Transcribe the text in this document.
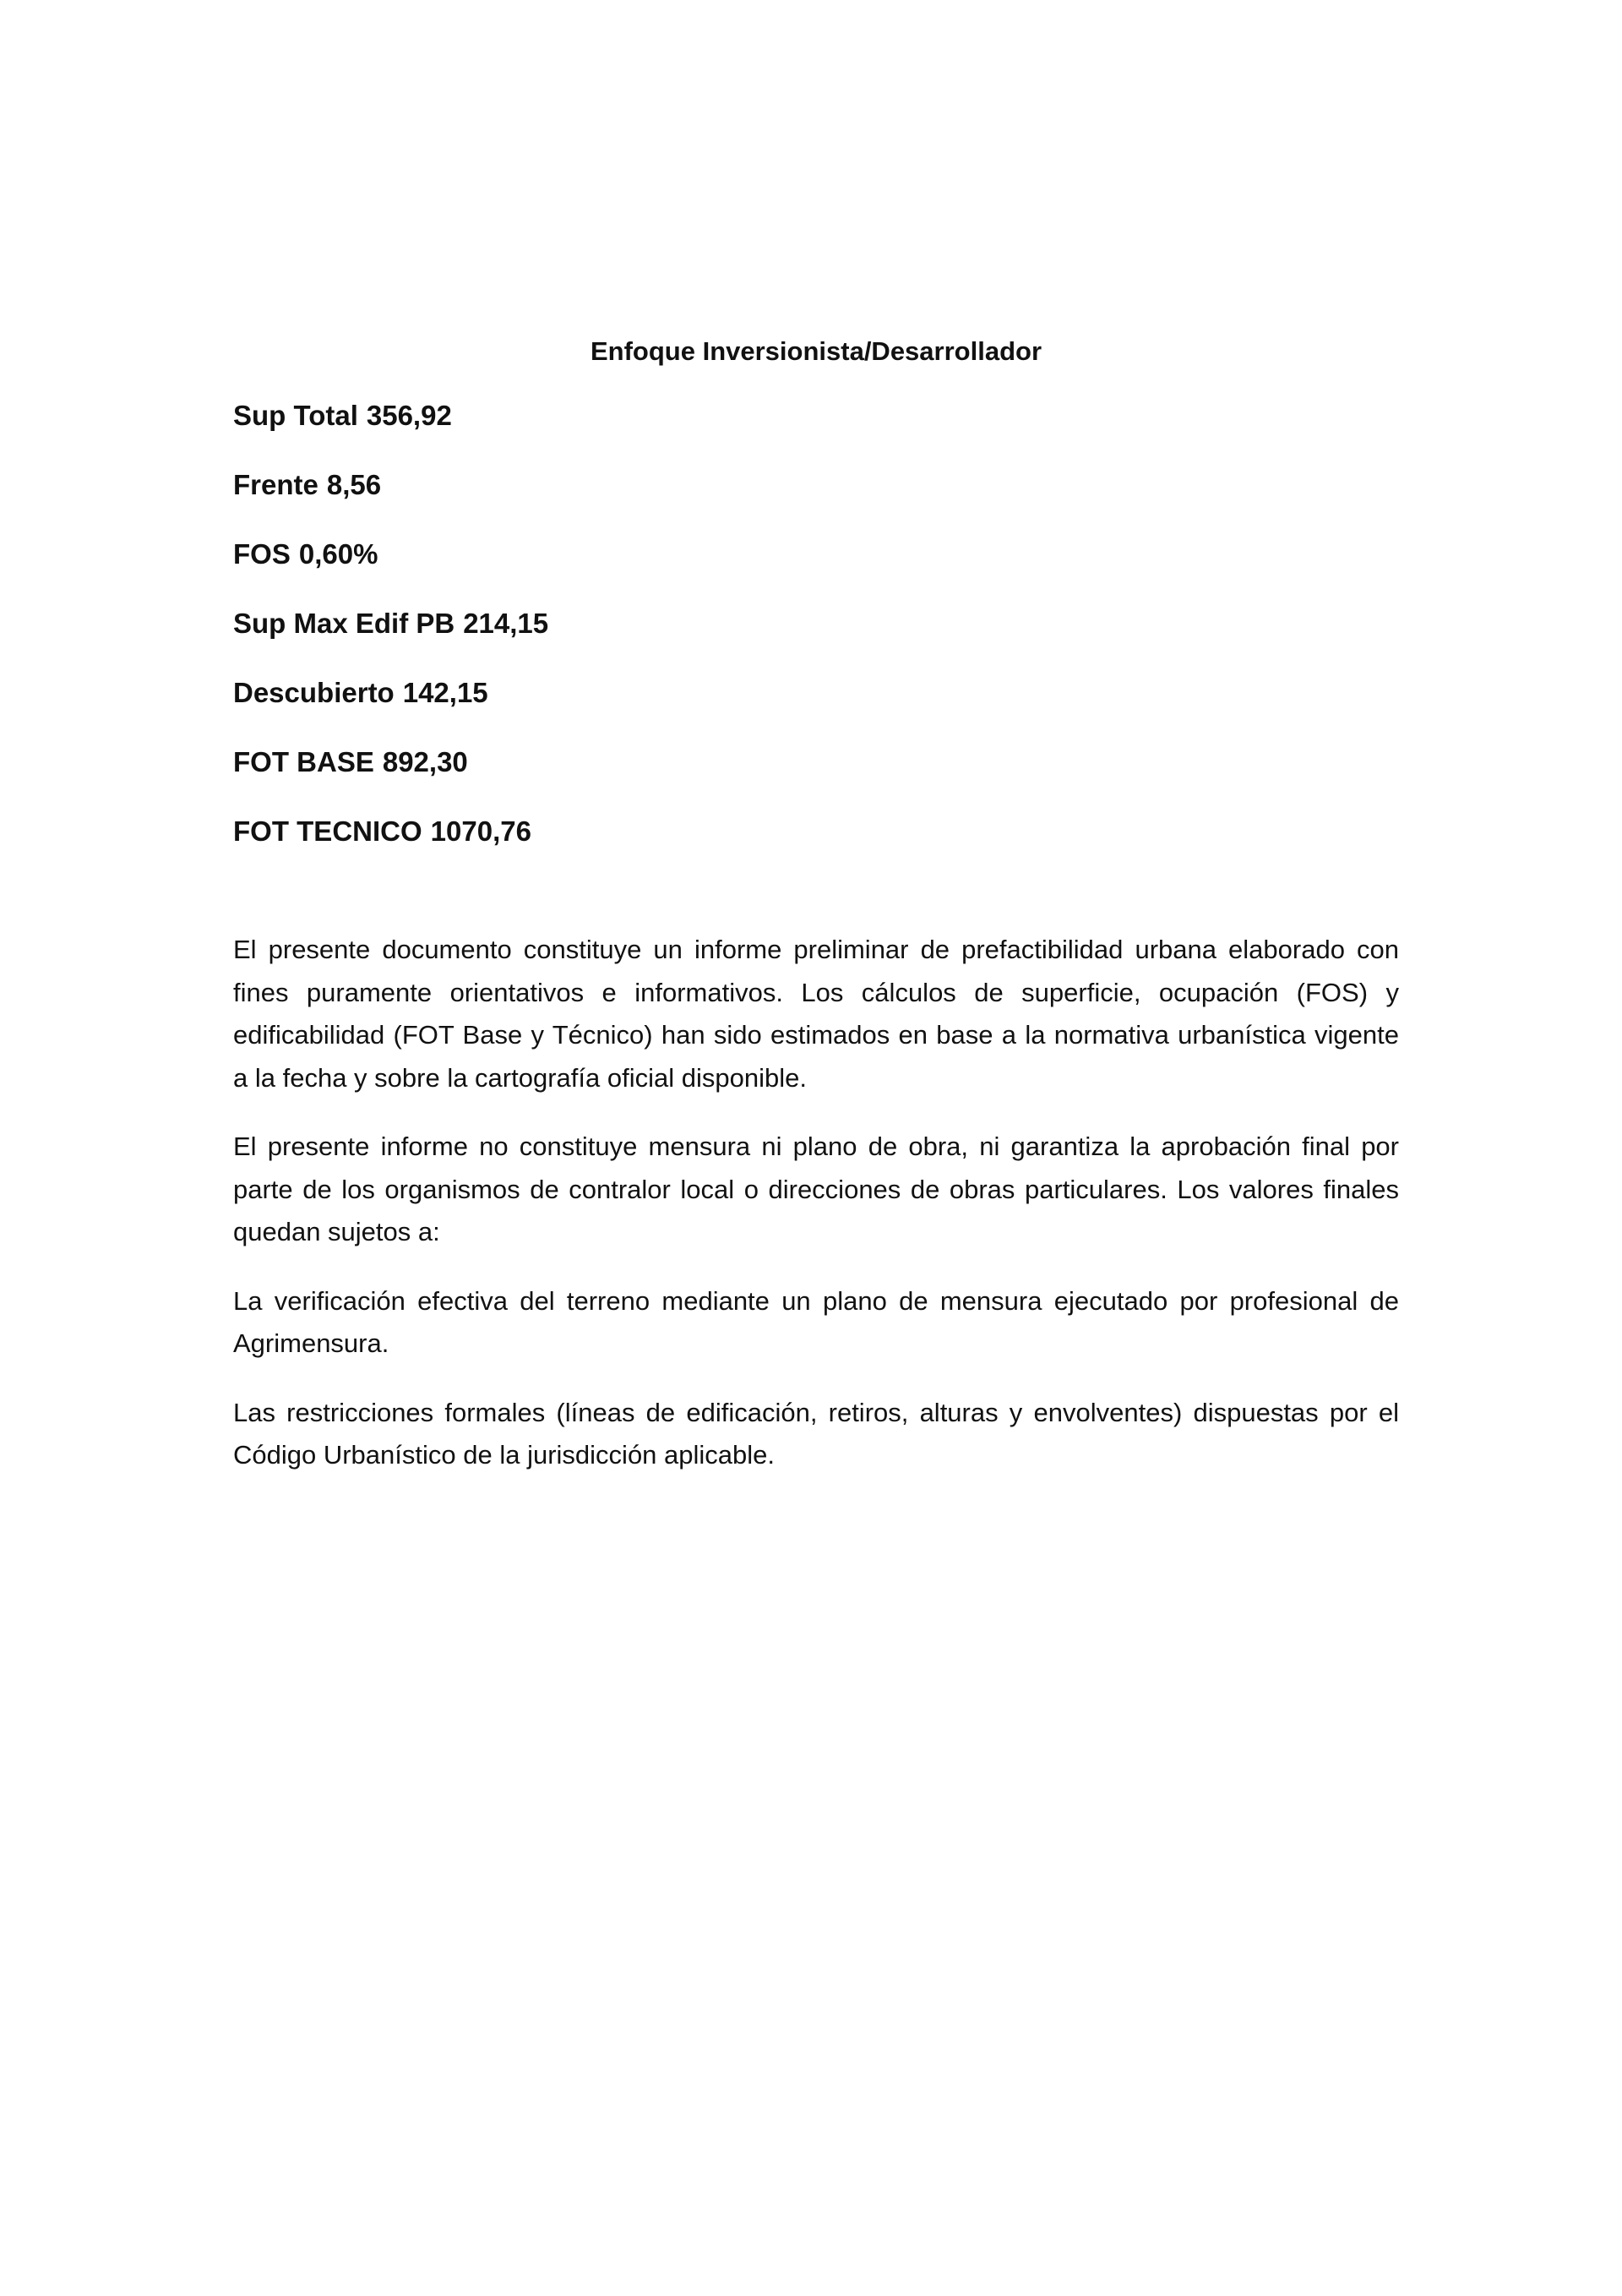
Enfoque Inversionista/Desarrollador
Sup Total 356,92
Frente 8,56
FOS 0,60%
Sup Max Edif PB 214,15
Descubierto 142,15
FOT BASE 892,30
FOT TECNICO 1070,76

El presente documento constituye un informe preliminar de prefactibilidad urbana elaborado con fines puramente orientativos e informativos. Los cálculos de superficie, ocupación (FOS) y edificabilidad (FOT Base y Técnico) han sido estimados en base a la normativa urbanística vigente a la fecha y sobre la cartografía oficial disponible.

El presente informe no constituye mensura ni plano de obra, ni garantiza la aprobación final por parte de los organismos de contralor local o direcciones de obras particulares. Los valores finales quedan sujetos a:

La verificación efectiva del terreno mediante un plano de mensura ejecutado por profesional de Agrimensura.

Las restricciones formales (líneas de edificación, retiros, alturas y envolventes) dispuestas por el Código Urbanístico de la jurisdicción aplicable.
